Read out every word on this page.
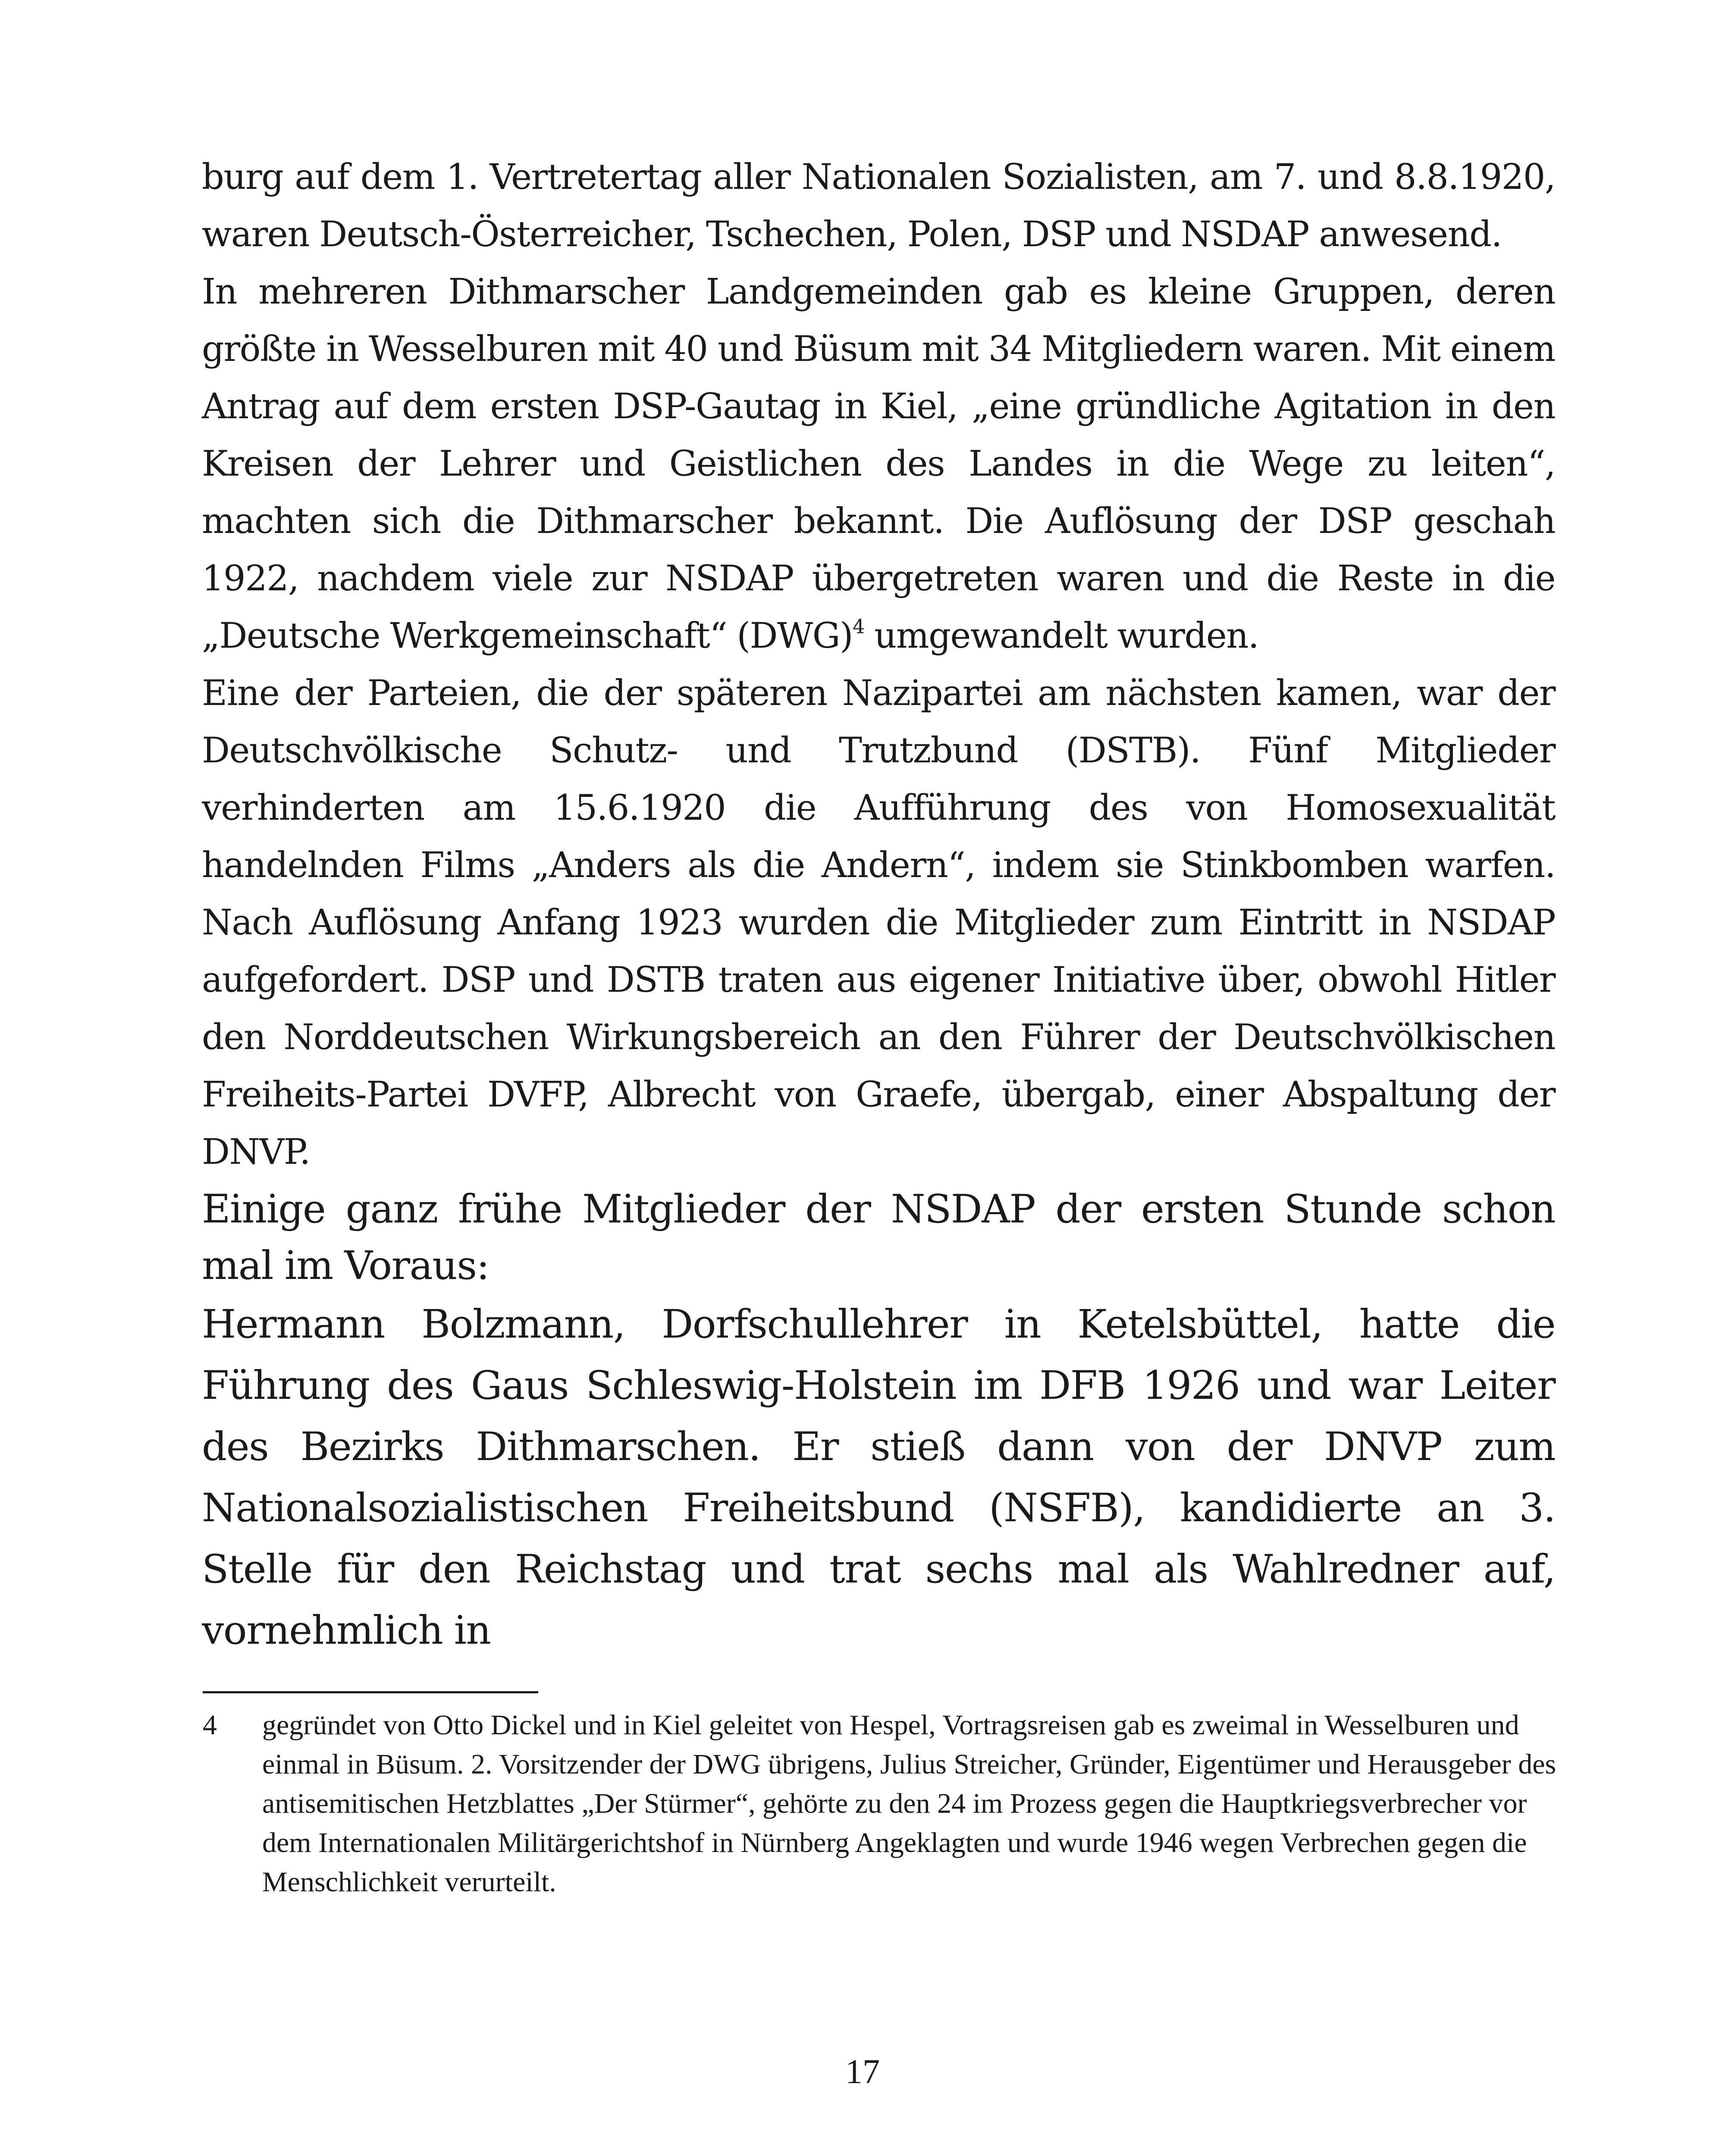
burg auf dem 1. Vertretertag aller Nationalen Sozialisten, am 7. und 8.8.1920, waren Deutsch-Österreicher, Tschechen, Polen, DSP und NSDAP anwesend.

In mehreren Dithmarscher Landgemeinden gab es kleine Gruppen, deren größte in Wesselburen mit 40 und Büsum mit 34 Mitgliedern waren. Mit einem Antrag auf dem ersten DSP-Gautag in Kiel, „eine gründliche Agitation in den Kreisen der Lehrer und Geistlichen des Landes in die Wege zu leiten“, machten sich die Dithmarscher bekannt. Die Auflösung der DSP geschah 1922, nachdem viele zur NSDAP übergetreten waren und die Reste in die „Deutsche Werkgemeinschaft“ (DWG)$^4$ umgewandelt wurden.

Eine der Parteien, die der späteren Nazipartei am nächsten kamen, war der Deutschvölkische Schutz- und Trutzbund (DSTB). Fünf Mitglieder verhinderten am 15.6.1920 die Aufführung des von Homosexualität handelnden Films „Anders als die Andern“, indem sie Stinkbomben warfen. Nach Auflösung Anfang 1923 wurden die Mitglieder zum Eintritt in NSDAP aufgefordert. DSP und DSTB traten aus eigener Initiative über, obwohl Hitler den Norddeutschen Wirkungsbereich an den Führer der Deutschvölkischen Freiheits-Partei DVFP, Albrecht von Graefe, übergab, einer Abspaltung der DNVP.

Einige ganz frühe Mitglieder der NSDAP der ersten Stunde schon mal im Voraus:

Hermann Bolzmann, Dorfschullehrer in Ketelsbüttel, hatte die Führung des Gaus Schleswig-Holstein im DFB 1926 und war Leiter des Bezirks Dithmarschen. Er stieß dann von der DNVP zum Nationalsozialistischen Freiheitsbund (NSFB), kandidierte an 3. Stelle für den Reichstag und trat sechs mal als Wahlredner auf, vornehmlich in

4 gegründet von Otto Dickel und in Kiel geleitet von Hespel, Vortragsreisen gab es zweimal in Wesselburen und einmal in Büsum. 2. Vorsitzender der DWG übrigens, Julius Streicher, Gründer, Eigentümer und Herausgeber des antisemitischen Hetzblattes „Der Stürmer“, gehörte zu den 24 im Prozess gegen die Hauptkriegsverbrecher vor dem Internationalen Militärgerichtshof in Nürnberg Angeklagten und wurde 1946 wegen Verbrechen gegen die Menschlichkeit verurteilt.
17
